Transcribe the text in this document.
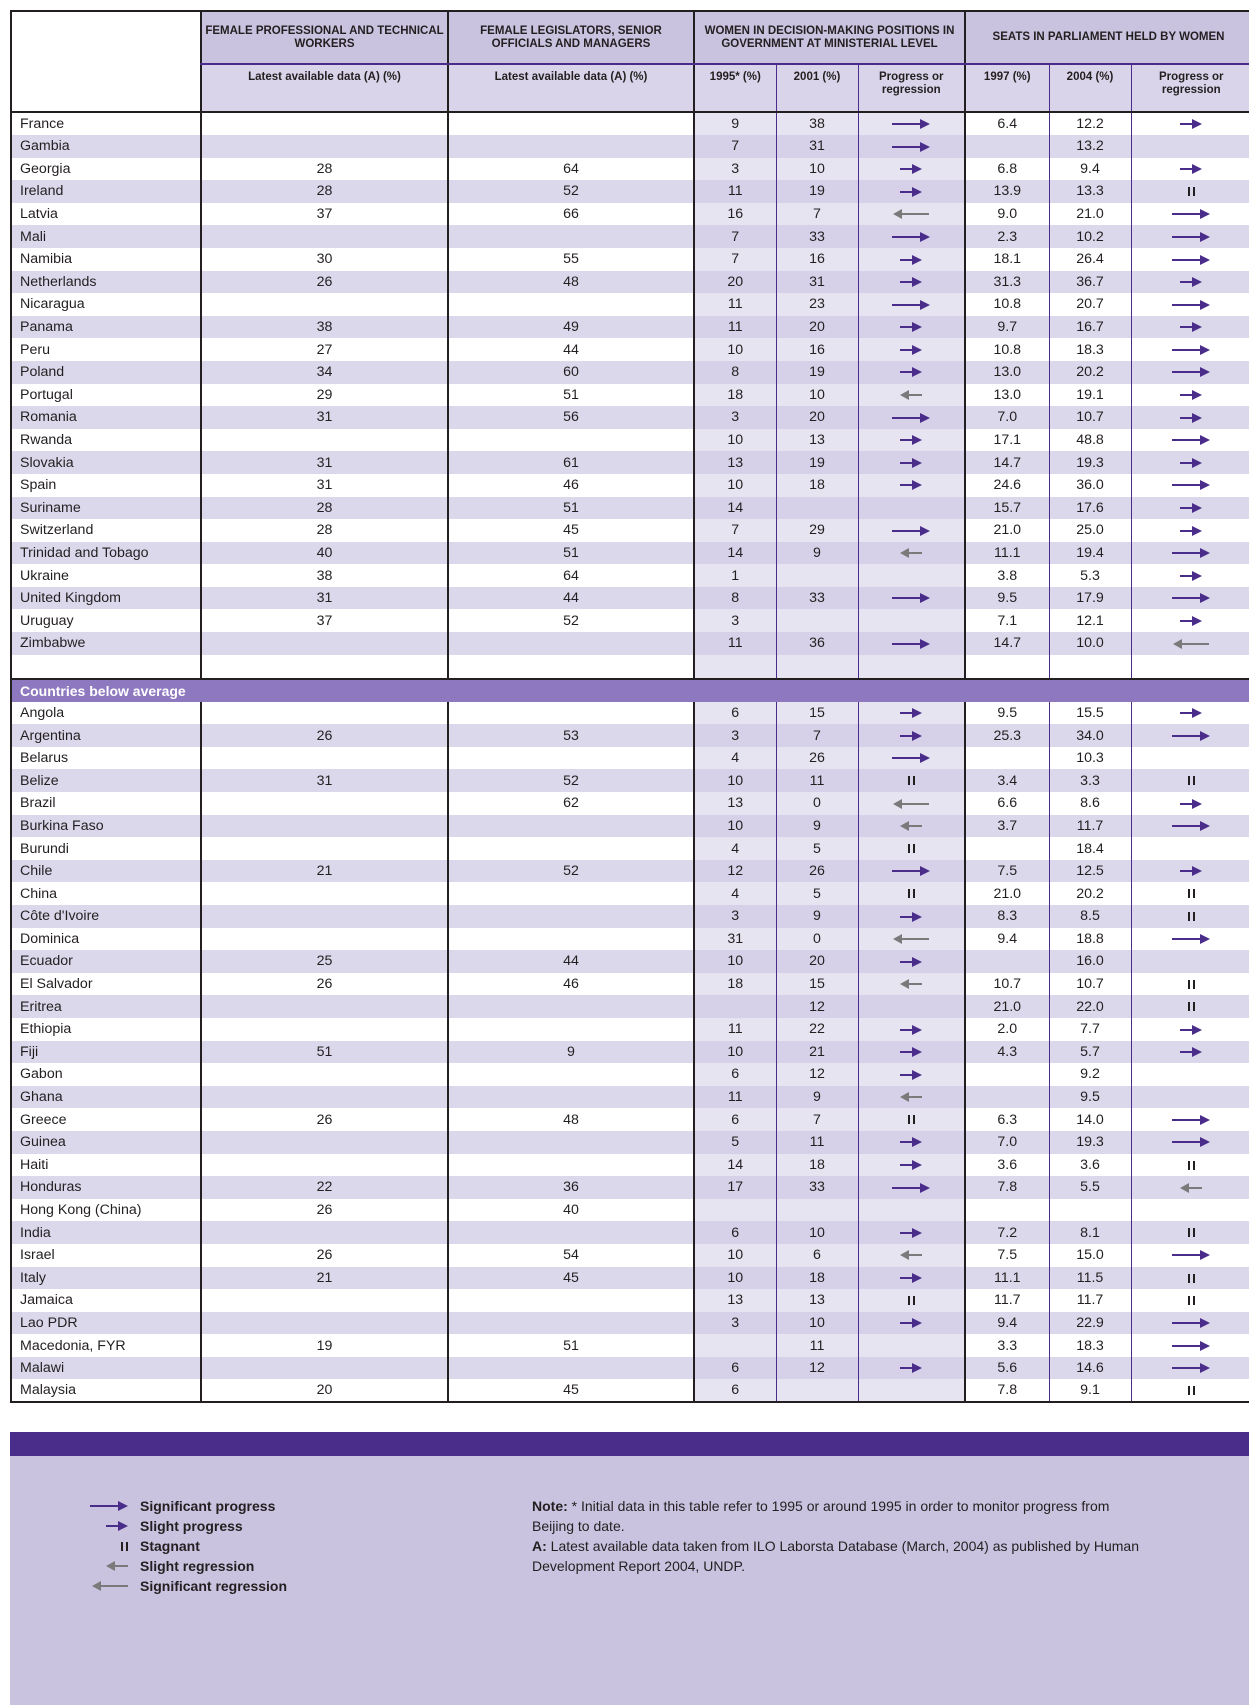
	FEMALE PROFESSIONAL AND TECHNICAL WORKERS	FEMALE LEGISLATORS, SENIOR OFFICIALS AND MANAGERS	WOMEN IN DECISION-MAKING POSITIONS IN GOVERNMENT AT MINISTERIAL LEVEL			SEATS IN PARLIAMENT HELD BY WOMEN		
	Latest available data (A) (%)	Latest available data (A) (%)	1995* (%)	2001 (%)	Progress or regression	1997 (%)	2004 (%)	Progress or regression
France			9	38		6.4	12.2	

Gambia			7	31			13.2	
Georgia	28	64	3	10		6.8	9.4	

Ireland	28	52	11	19		13.9	13.3	
Latvia	37	66	16	7		9.0	21.0	

Mali			7	33		2.3	10.2	

Namibia	30	55	7	16		18.1	26.4	

Netherlands	26	48	20	31		31.3	36.7	

Nicaragua			11	23		10.8	20.7	

Panama	38	49	11	20		9.7	16.7	

Peru	27	44	10	16		10.8	18.3	

Poland	34	60	8	19		13.0	20.2	

Portugal	29	51	18	10		13.0	19.1	

Romania	31	56	3	20		7.0	10.7	

Rwanda			10	13		17.1	48.8	

Slovakia	31	61	13	19		14.7	19.3	

Spain	31	46	10	18		24.6	36.0	

Suriname	28	51	14			15.7	17.6	

Switzerland	28	45	7	29		21.0	25.0	

Trinidad and Tobago	40	51	14	9		11.1	19.4	

Ukraine	38	64	1			3.8	5.3	

United Kingdom	31	44	8	33		9.5	17.9	

Uruguay	37	52	3			7.1	12.1	

Zimbabwe			11	36		14.7	10.0	

Countries below average								
Angola			6	15		9.5	15.5	

Argentina	26	53	3	7		25.3	34.0	

Belarus			4	26			10.3	
Belize	31	52	10	11		3.4	3.3	
Brazil		62	13	0		6.6	8.6	

Burkina Faso			10	9		3.7	11.7	

Burundi			4	5			18.4	
Chile	21	52	12	26		7.5	12.5	

China			4	5		21.0	20.2	
Côte d'Ivoire			3	9		8.3	8.5	
Dominica			31	0		9.4	18.8	

Ecuador	25	44	10	20			16.0	
El Salvador	26	46	18	15		10.7	10.7	
Eritrea				12		21.0	22.0	
Ethiopia			11	22		2.0	7.7	

Fiji	51	9	10	21		4.3	5.7	

Gabon			6	12			9.2	
Ghana			11	9			9.5	
Greece	26	48	6	7		6.3	14.0	

Guinea			5	11		7.0	19.3	

Haiti			14	18		3.6	3.6	
Honduras	22	36	17	33		7.8	5.5	

Hong Kong (China)	26	40						
India			6	10		7.2	8.1	
Israel	26	54	10	6		7.5	15.0	

Italy	21	45	10	18		11.1	11.5	
Jamaica			13	13		11.7	11.7	
Lao PDR			3	10		9.4	22.9	

Macedonia, FYR	19	51		11		3.3	18.3	

Malawi			6	12		5.6	14.6	

Malaysia	20	45	6			7.8	9.1	
Significant progress
Slight progress
Stagnant
Slight regression
Significant regression
Note: * Initial data in this table refer to 1995 or around 1995 in order to monitor progress from Beijing to date.
A: Latest available data taken from ILO Laborsta Database (March, 2004) as published by Human Development Report 2004, UNDP.
